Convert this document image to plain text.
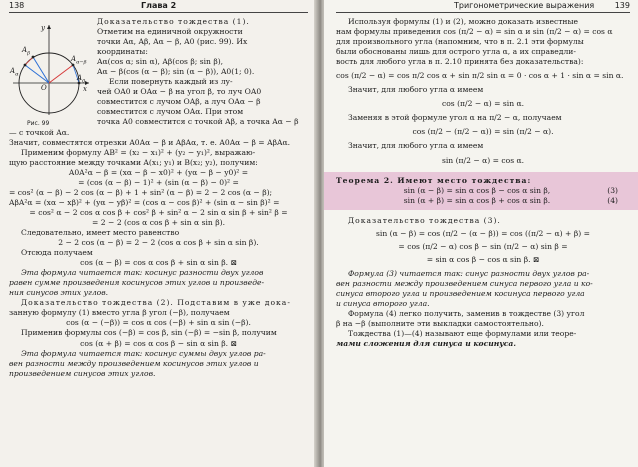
138	Глава 2
y
x
O
$A_\beta$
$A_\alpha$
$A_{\alpha-\beta}$
$A_0$
Рис. 99

Доказательство тождества (1).

Отметим на единичной окружности

точки Aα, Aβ, Aα − β, A0 (рис. 99). Их

координаты:

Aα(cos α; sin α), Aβ(cos β; sin β),

Aα − β(cos (α − β); sin (α − β)), A0(1; 0).

Если повернуть каждый из лу-

чей OA0 и OAα − β на угол β, то луч OA0

совместится с лучом OAβ, а луч OAα − β

совместится с лучом OAα. При этом

точка A0 совместится с точкой Aβ, а точка Aα − β — с точкой Aα.

Значит, совместятся отрезки A0Aα − β и AβAα, т. е. A0Aα − β = AβAα.

Применим формулу AB² = (x₂ − x₁)² + (y₂ − y₁)², выражаю-

щую расстояние между точками A(x₁; y₁) и B(x₂; y₂), получим:

A0A²α − β = (xα − β − x0)² + (yα − β − y0)² =

= (cos (α − β) − 1)² + (sin (α − β) − 0)² =

= cos² (α − β) − 2 cos (α − β) + 1 + sin² (α − β) = 2 − 2 cos (α − β);

AβA²α = (xα − xβ)² + (yα − yβ)² = (cos α − cos β)² + (sin α − sin β)² =

= cos² α − 2 cos α cos β + cos² β + sin² α − 2 sin α sin β + sin² β =

= 2 − 2 (cos α cos β + sin α sin β).

Следовательно, имеет место равенство

2 − 2 cos (α − β) = 2 − 2 (cos α cos β + sin α sin β).

Отсюда получаем

cos (α − β) = cos α cos β + sin α sin β. ⊠

Эта формула читается так: косинус разности двух углов

равен сумме произведения косинусов этих углов и произведе-

ния синусов этих углов.

Доказательство тождества (2). Подставим в уже дока-

занную формулу (1) вместо угла β угол (−β), получаем

cos (α − (−β)) = cos α cos (−β) + sin α sin (−β).

Применив формулы cos (−β) = cos β, sin (−β) = −sin β, получим

cos (α + β) = cos α cos β − sin α sin β. ⊠

Эта формула читается так: косинус суммы двух углов ра-

вен разности между произведением косинусов этих углов и

произведением синусов этих углов.

Тригонометрические выражения	139

Используя формулы (1) и (2), можно доказать известные

нам формулы приведения cos (π/2 − α) = sin α и sin (π/2 − α) = cos α

для произвольного угла (напомним, что в п. 2.1 эти формулы

были обоснованы лишь для острого угла α, а их справедли-

вость для любого угла в п. 2.10 принята без доказательства):

cos (π/2 − α) = cos π/2 cos α + sin π/2 sin α = 0 · cos α + 1 · sin α = sin α.

Значит, для любого угла α имеем

cos (π/2 − α) = sin α.

Заменяя в этой формуле угол α на π/2 − α, получаем

cos (π/2 − (π/2 − α)) = sin (π/2 − α).

Значит, для любого угла α имеем

sin (π/2 − α) = cos α.

Теорема 2. Имеют место тождества:

sin (α − β) = sin α cos β − cos α sin β,	(3)

sin (α + β) = sin α cos β + cos α sin β.	(4)

Доказательство тождества (3).

sin (α − β) = cos (π/2 − (α − β)) = cos ((π/2 − α) + β) =

= cos (π/2 − α) cos β − sin (π/2 − α) sin β =

= sin α cos β − cos α sin β. ⊠

Формула (3) читается так: синус разности двух углов ра-

вен разности между произведением синуса первого угла и ко-

синуса второго угла и произведением косинуса первого угла

и синуса второго угла.

Формула (4) легко получить, заменив в тождестве (3) угол

β на −β (выполните эти выкладки самостоятельно).

Тождества (1)—(4) называют еще формулами или теоре-

мами сложения для синуса и косинуса.
